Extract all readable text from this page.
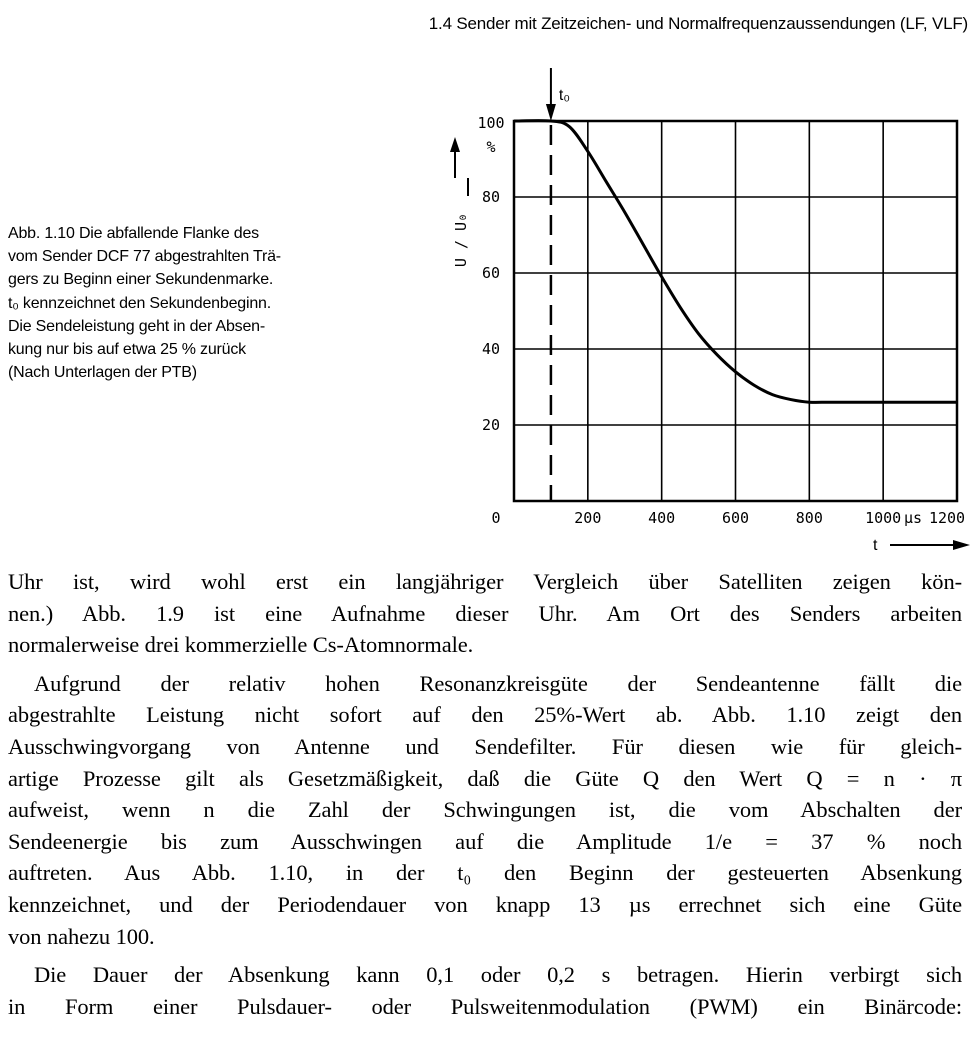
1.4 Sender mit Zeitzeichen- und Normalfrequenzaussendungen (LF, VLF)

Abb. 1.10 Die abfallende Flanke des

vom Sender DCF 77 abgestrahlten Trä-

gers zu Beginn einer Sekundenmarke.

t₀ kennzeichnet den Sekundenbeginn.

Die Sendeleistung geht in der Absen-

kung nur bis auf etwa 25 % zurück

(Nach Unterlagen der PTB)

t₀
U / U₀
20
40
60
80
100
%
0	200	400	600	800	1000 µs 1200
t

Uhr ist, wird wohl erst ein langjähriger Vergleich über Satelliten zeigen kön-

nen.) Abb. 1.9 ist eine Aufnahme dieser Uhr. Am Ort des Senders arbeiten

normalerweise drei kommerzielle Cs-Atomnormale.

Aufgrund der relativ hohen Resonanzkreisgüte der Sendeantenne fällt die

abgestrahlte Leistung nicht sofort auf den 25%-Wert ab. Abb. 1.10 zeigt den

Ausschwingvorgang von Antenne und Sendefilter. Für diesen wie für gleich-

artige Prozesse gilt als Gesetzmäßigkeit, daß die Güte Q den Wert Q = n · π

aufweist, wenn n die Zahl der Schwingungen ist, die vom Abschalten der

Sendeenergie bis zum Ausschwingen auf die Amplitude 1/e = 37 % noch

auftreten. Aus Abb. 1.10, in der t₀ den Beginn der gesteuerten Absenkung

kennzeichnet, und der Periodendauer von knapp 13 µs errechnet sich eine Güte

von nahezu 100.

Die Dauer der Absenkung kann 0,1 oder 0,2 s betragen. Hierin verbirgt sich

in Form einer Pulsdauer- oder Pulsweitenmodulation (PWM) ein Binärcode:
